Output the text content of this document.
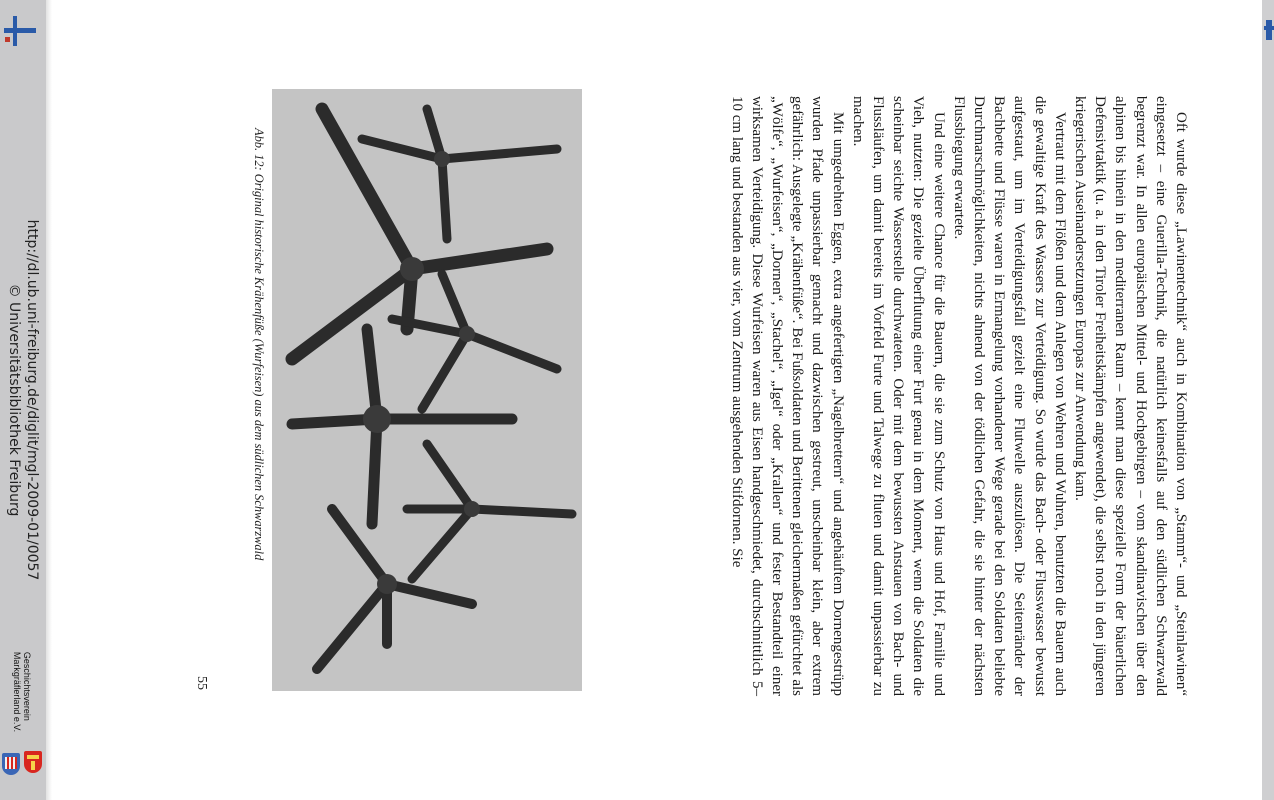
http://dl.ub.uni-freiburg.de/diglit/mgl-2009-01/0057
© Universitätsbibliothek Freiburg
Geschichtsverein
Markgräflerland e.V.	Oft wurde diese „Lawinentechnik“ auch in Kombination von „Stamm“- und „Steinlawinen“ eingesetzt – eine Guerilla-Technik, die natürlich keinesfalls auf den südlichen Schwarzwald begrenzt war. In allen europäischen Mittel- und Hochgebirgen – vom skandinavischen über den alpinen bis hinein in den mediterranen Raum – kennt man diese spezielle Form der bäuerlichen Defensivtaktik (u. a. in den Tiroler Freiheitskämpfen angewendet), die selbst noch in den jüngeren kriegerischen Auseinandersetzungen Europas zur Anwendung kam.

Vertraut mit dem Flößen und dem Anlegen von Wehren und Wuhren, benutzten die Bauern auch die gewaltige Kraft des Wassers zur Verteidigung. So wurde das Bach- oder Flusswasser bewusst aufgestaut, um im Verteidigungsfall gezielt eine Flutwelle auszulösen. Die Seitenränder der Bachbette und Flüsse waren in Ermangelung vorhandener Wege gerade bei den Soldaten beliebte Durchmarschmöglichkeiten, nichts ahnend von der tödlichen Gefahr, die sie hinter der nächsten Flussbiegung erwartete.

Und eine weitere Chance für die Bauern, die sie zum Schutz von Haus und Hof, Familie und Vieh, nutzten: Die gezielte Überflutung einer Furt genau in dem Moment, wenn die Soldaten die scheinbar seichte Wasserstelle durchwateten. Oder mit dem bewussten Anstauen von Bach- und Flussläufen, um damit bereits im Vorfeld Furte und Talwege zu fluten und damit unpassierbar zu machen.

Mit umgedrehten Eggen, extra angefertigten „Nagelbrettern“ und angehäuftem Dornengestrüpp wurden Pfade unpassierbar gemacht und dazwischen gestreut, unscheinbar klein, aber extrem gefährlich: Ausgelegte „Krähenfüße“. Bei Fußsoldaten und Berittenen gleichermaßen gefürchtet als „Wölfe“, „Wurfeisen“, „Dornen“, „Stachel“, „Igel“ oder „Krallen“ und fester Bestandteil einer wirksamen Verteidigung. Diese Wurfeisen waren aus Eisen handgeschmiedet, durchschnittlich 5–10 cm lang und bestanden aus vier, vom Zentrum ausgehenden Stifdornen. Sie

Abb. 12: Original historische Krähenfüße (Wurfeisen) aus dem südlichen Schwarzwald
55
